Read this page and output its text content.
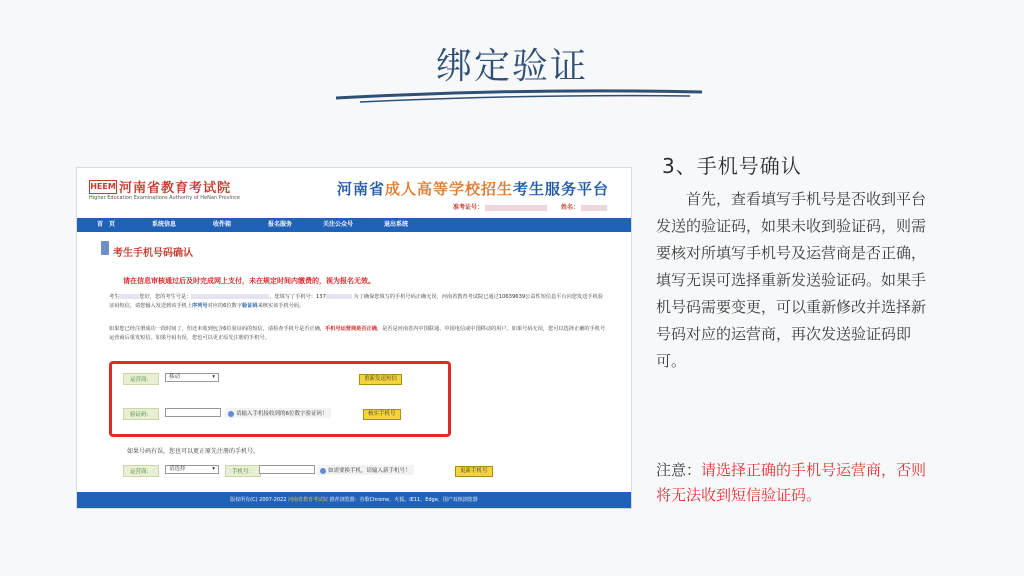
绑定验证
HEEM 河南省教育考试院
Higher Education Examinations Authority of HeNan Province	河南省成人高等学校招生考生服务平台
准考证号：	姓名：
首　页	系统信息	收件箱	报名服务	关注公众号	退出系统
考生手机号码确认
请在信息审核通过后及时完成网上支付，未在规定时间内缴费的，视为报名无效。
考生	您好，您的考生号是：	，您填写了手机号：137	为了确保您填写的手机号码正确无误，河南省教育考试院已通过10639639公益性短信息平台向您发送手机验证码短信，请您输入发送到该手机上序列号对应的6位数字验证码来核实该手机号码。
如果您已经注册成功一段时间了，但还未收到包含6位验证码的短信，请检查手机号是否正确，手机号运营商是否正确，是否是河南省内中国联通、中国电信或中国移动的用户。如果号码无误，您可以选择正确的手机号运营商后重发短信。如果号码有误，您也可以更正原先注册的手机号。
运营商：	移动	▾	重新发送短信
验证码：	请输入手机接收到的6位数字验证码！	核实手机号
如果号码有误，您也可以更正原先注册的手机号。
运营商：	请选择	▾	手机号：	如需要换手机，请输入新手机号！	更新手机号
版权所有(C) 2007-2022 河南省教育考试院 推荐浏览器：谷歌Chrome、火狐、IE11、Edge，国产双核浏览器
3、手机号确认
首先，查看填写手机号是否收到平台发送的验证码，如果未收到验证码，则需要核对所填写手机号及运营商是否正确，填写无误可选择重新发送验证码。如果手机号码需要变更，可以重新修改并选择新号码对应的运营商，再次发送验证码即可。
注意：请选择正确的手机号运营商，否则将无法收到短信验证码。
